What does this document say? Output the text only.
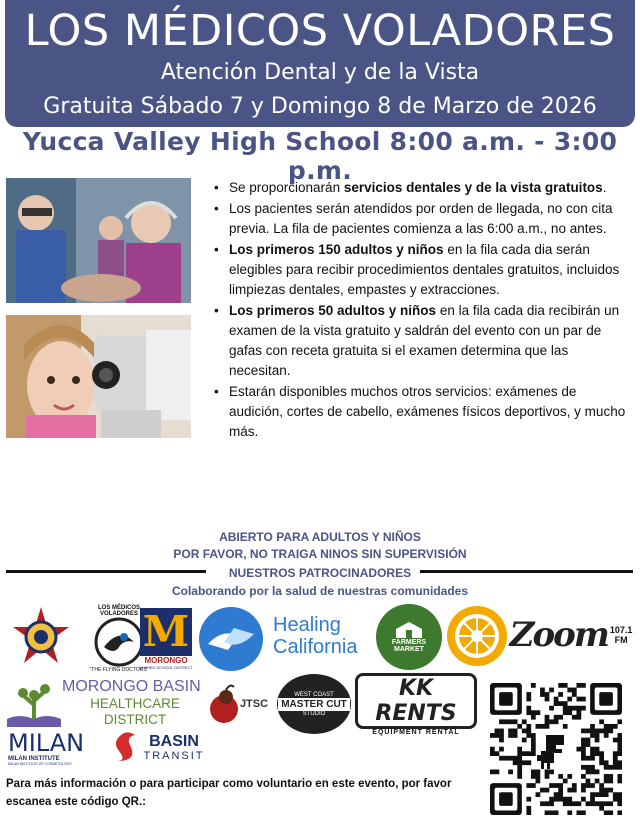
LOS MÉDICOS VOLADORES
Atención Dental y de la Vista
Gratuita Sábado 7 y Domingo 8 de Marzo de 2026
Yucca Valley High School 8:00 a.m. - 3:00 p.m.
• Se proporcionarán servicios dentales y de la vista gratuitos.
• Los pacientes serán atendidos por orden de llegada, no con cita previa. La fila de pacientes comienza a las 6:00 a.m., no antes.
• Los primeros 150 adultos y niños en la fila cada dia serán elegibles para recibir procedimientos dentales gratuitos, incluidos limpiezas dentales, empastes y extracciones.
• Los primeros 50 adultos y niños en la fila cada dia recibirán un examen de la vista gratuito y saldrán del evento con un par de gafas con receta gratuita si el examen determina que las necesitan.
• Estarán disponibles muchos otros servicios: exámenes de audición, cortes de cabello, exámenes físicos deportivos, y mucho más.
ABIERTO PARA ADULTOS Y NIÑOS
POR FAVOR, NO TRAIGA NINOS SIN SUPERVISIÓN
NUESTROS PATROCINADORES
Colaborando por la salud de nuestras comunidades
LOS MÉDICOS VOLADORES
"THE FLYING DOCTORS"
M
MORONGO
UNIFIED SCHOOL DISTRICT
Healing
California	FARMERS
MARKET	Zoom 107.1 FM
MORONGO BASIN
HEALTHCARE DISTRICT
JTSC
WEST COAST
MASTER CUT
STUDIO
KK RENTS
EQUIPMENT RENTAL
MILAN
MILAN INSTITUTE
MILAN INSTITUTE OF COSMETOLOGY
BASIN
TRANSIT
Para más información o para participar como voluntario en este evento, por favor escanea este código QR.:
